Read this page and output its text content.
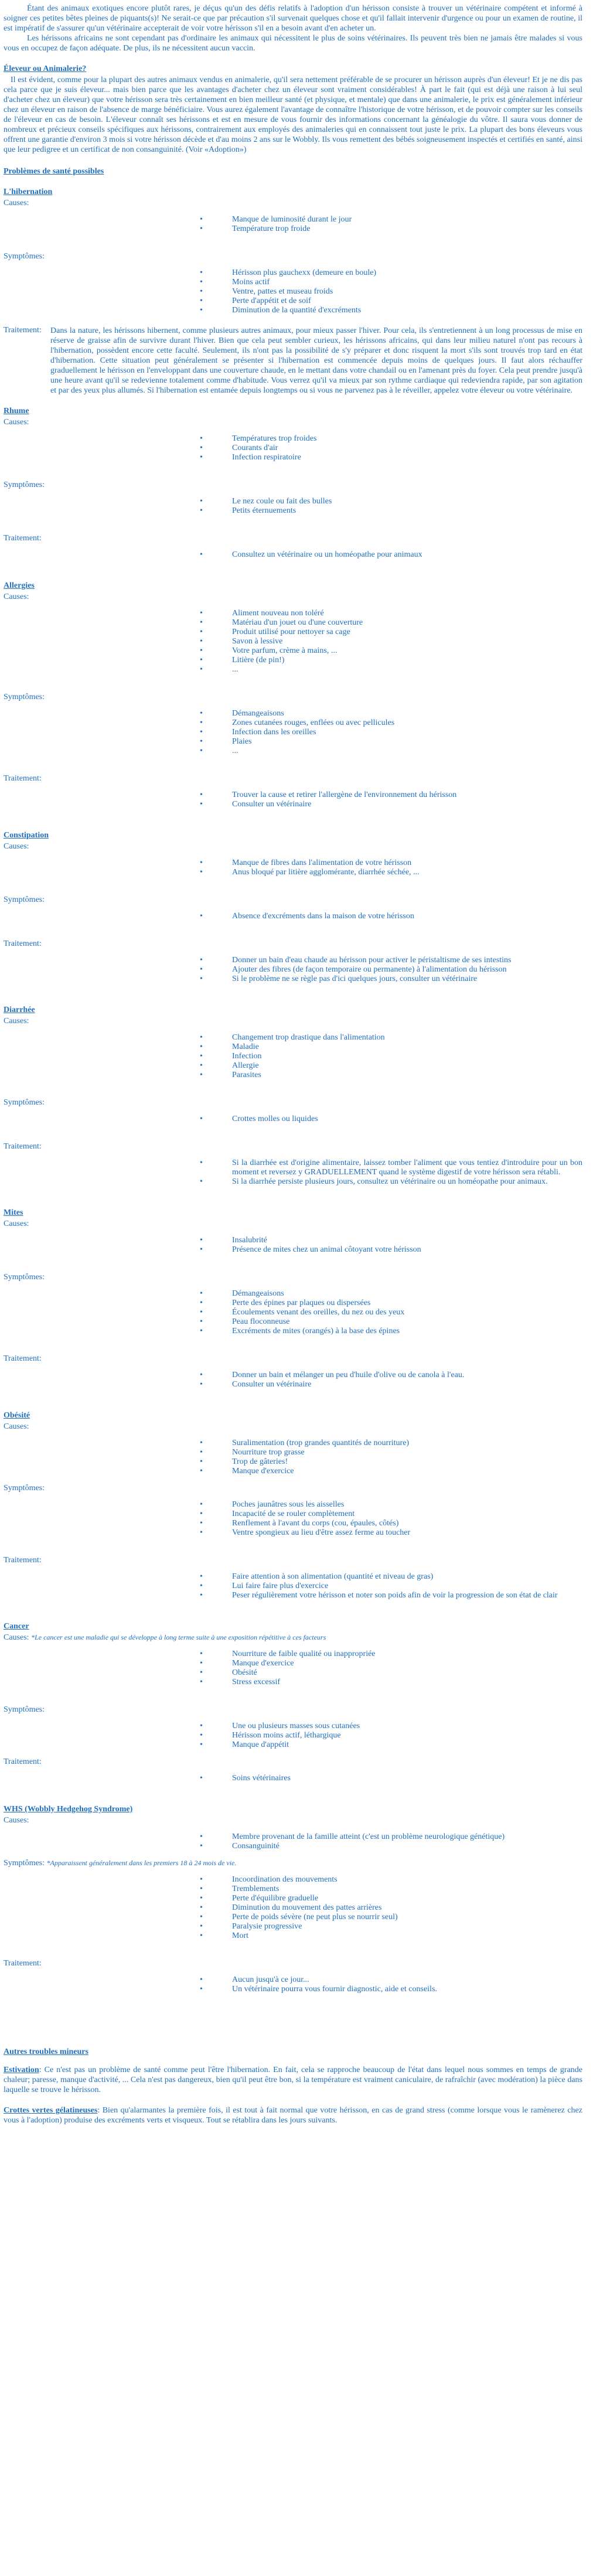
Étant des animaux exotiques encore plutôt rares, je déçus qu'un des défis relatifs à l'adoption d'un hérisson consiste à trouver un vétérinaire compétent et informé à soigner ces petites bêtes pleines de piquants(s)! Ne serait-ce que par précaution s'il survenait quelques chose et qu'il fallait intervenir d'urgence ou pour un examen de routine, il est impératif de s'assurer qu'un vétérinaire accepterait de voir votre hérisson s'il en a besoin avant d'en acheter un.

Les hérissons africains ne sont cependant pas d'ordinaire les animaux qui nécessitent le plus de soins vétérinaires. Ils peuvent très bien ne jamais être malades si vous vous en occupez de façon adéquate. De plus, ils ne nécessitent aucun vaccin.

Éleveur ou Animalerie?

Il est évident, comme pour la plupart des autres animaux vendus en animalerie, qu'il sera nettement préférable de se procurer un hérisson auprès d'un éleveur! Et je ne dis pas cela parce que je suis éleveur... mais bien parce que les avantages d'acheter chez un éleveur sont vraiment considérables! À part le fait (qui est déjà une raison à lui seul d'acheter chez un éleveur) que votre hérisson sera très certainement en bien meilleur santé (et physique, et mentale) que dans une animalerie, le prix est généralement inférieur chez un éleveur en raison de l'absence de marge bénéficiaire. Vous aurez également l'avantage de connaître l'historique de votre hérisson, et de pouvoir compter sur les conseils de l'éleveur en cas de besoin. L'éleveur connaît ses hérissons et est en mesure de vous fournir des informations concernant la généalogie du vôtre. Il saura vous donner de nombreux et précieux conseils spécifiques aux hérissons, contrairement aux employés des animaleries qui en connaissent tout juste le prix. La plupart des bons éleveurs vous offrent une garantie d'environ 3 mois si votre hérisson décède et d'au moins 2 ans sur le Wobbly. Ils vous remettent des bébés soigneusement inspectés et certifiés en santé, ainsi que leur pedigree et un certificat de non consanguinité. (Voir «Adoption»)

Problèmes de santé possibles
L'hibernation
Causes:
• Manque de luminosité durant le jour
• Température trop froide
Symptômes:
• Hérisson plus gauchexx (demeure en boule)
• Moins actif
• Ventre, pattes et museau froids
• Perte d'appétit et de soif
• Diminution de la quantité d'excréments
Traitement:	Dans la nature, les hérissons hibernent, comme plusieurs autres animaux, pour mieux passer l'hiver. Pour cela, ils s'entretiennent à un long processus de mise en réserve de graisse afin de survivre durant l'hiver. Bien que cela peut sembler curieux, les hérissons africains, qui dans leur milieu naturel n'ont pas recours à l'hibernation, possèdent encore cette faculté. Seulement, ils n'ont pas la possibilité de s'y préparer et donc risquent la mort s'ils sont trouvés trop tard en état d'hibernation. Cette situation peut généralement se présenter si l'hibernation est commencée depuis moins de quelques jours. Il faut alors réchauffer graduellement le hérisson en l'enveloppant dans une couverture chaude, en le mettant dans votre chandail ou en l'amenant près du foyer. Cela peut prendre jusqu'à une heure avant qu'il se redevienne totalement comme d'habitude. Vous verrez qu'il va mieux par son rythme cardiaque qui redeviendra rapide, par son agitation et par des yeux plus allumés. Si l'hibernation est entamée depuis longtemps ou si vous ne parvenez pas à le réveiller, appelez votre éleveur ou votre vétérinaire.

Rhume
Causes:
• Températures trop froides
• Courants d'air
• Infection respiratoire
Symptômes:
• Le nez coule ou fait des bulles
• Petits éternuements
Traitement:
• Consultez un vétérinaire ou un homéopathe pour animaux
Allergies
Causes:
• Aliment nouveau non toléré
• Matériau d'un jouet ou d'une couverture
• Produit utilisé pour nettoyer sa cage
• Savon à lessive
• Votre parfum, crème à mains, ...
• Litière (de pin!)
• ...
Symptômes:
• Démangeaisons
• Zones cutanées rouges, enflées ou avec pellicules
• Infection dans les oreilles
• Plaies
• ...
Traitement:
• Trouver la cause et retirer l'allergène de l'environnement du hérisson
• Consulter un vétérinaire
Constipation
Causes:
• Manque de fibres dans l'alimentation de votre hérisson
• Anus bloqué par litière agglomérante, diarrhée séchée, ...
Symptômes:
• Absence d'excréments dans la maison de votre hérisson
Traitement:
• Donner un bain d'eau chaude au hérisson pour activer le péristaltisme de ses intestins
• Ajouter des fibres (de façon temporaire ou permanente) à l'alimentation du hérisson
• Si le problème ne se règle pas d'ici quelques jours, consulter un vétérinaire
Diarrhée
Causes:
• Changement trop drastique dans l'alimentation
• Maladie
• Infection
• Allergie
• Parasites
Symptômes:
• Crottes molles ou liquides
Traitement:
• Si la diarrhée est d'origine alimentaire, laissez tomber l'aliment que vous tentiez d'introduire pour un bon moment et reversez y GRADUELLEMENT quand le système digestif de votre hérisson sera rétabli.
• Si la diarrhée persiste plusieurs jours, consultez un vétérinaire ou un homéopathe pour animaux.
Mites
Causes:
• Insalubrité
• Présence de mites chez un animal côtoyant votre hérisson
Symptômes:
• Démangeaisons
• Perte des épines par plaques ou dispersées
• Écoulements venant des oreilles, du nez ou des yeux
• Peau floconneuse
• Excréments de mites (orangés) à la base des épines
Traitement:
• Donner un bain et mélanger un peu d'huile d'olive ou de canola à l'eau.
• Consulter un vétérinaire
Obésité
Causes:
• Suralimentation (trop grandes quantités de nourriture)
• Nourriture trop grasse
• Trop de gâteries!
• Manque d'exercice
Symptômes:
• Poches jaunâtres sous les aisselles
• Incapacité de se rouler complètement
• Renflement à l'avant du corps (cou, épaules, côtés)
• Ventre spongieux au lieu d'être assez ferme au toucher
Traitement:
• Faire attention à son alimentation (quantité et niveau de gras)
• Lui faire faire plus d'exercice
• Peser régulièrement votre hérisson et noter son poids afin de voir la progression de son état de clair
Cancer
Causes: *Le cancer est une maladie qui se développe à long terme suite à une exposition répétitive à ces facteurs
• Nourriture de faible qualité ou inappropriée
• Manque d'exercice
• Obésité
• Stress excessif
Symptômes:
• Une ou plusieurs masses sous cutanées
• Hérisson moins actif, léthargique
• Manque d'appétit
Traitement:
• Soins vétérinaires
WHS (Wobbly Hedgehog Syndrome)
Causes:
• Membre provenant de la famille atteint (c'est un problème neurologique génétique)
• Consanguinité
Symptômes: *Apparaissent généralement dans les premiers 18 à 24 mois de vie.
• Incoordination des mouvements
• Tremblements
• Perte d'équilibre graduelle
• Diminution du mouvement des pattes arrières
• Perte de poids sévère (ne peut plus se nourrir seul)
• Paralysie progressive
• Mort
Traitement:
• Aucun jusqu'à ce jour...
• Un vétérinaire pourra vous fournir diagnostic, aide et conseils.
Autres troubles mineurs

Estivation: Ce n'est pas un problème de santé comme peut l'être l'hibernation. En fait, cela se rapproche beaucoup de l'état dans lequel nous sommes en temps de grande chaleur; paresse, manque d'activité, ... Cela n'est pas dangereux, bien qu'il peut être bon, si la température est vraiment caniculaire, de rafraîchir (avec modération) la pièce dans laquelle se trouve le hérisson.

Crottes vertes gélatineuses: Bien qu'alarmantes la première fois, il est tout à fait normal que votre hérisson, en cas de grand stress (comme lorsque vous le ramènerez chez vous à l'adoption) produise des excréments verts et visqueux. Tout se rétablira dans les jours suivants.
